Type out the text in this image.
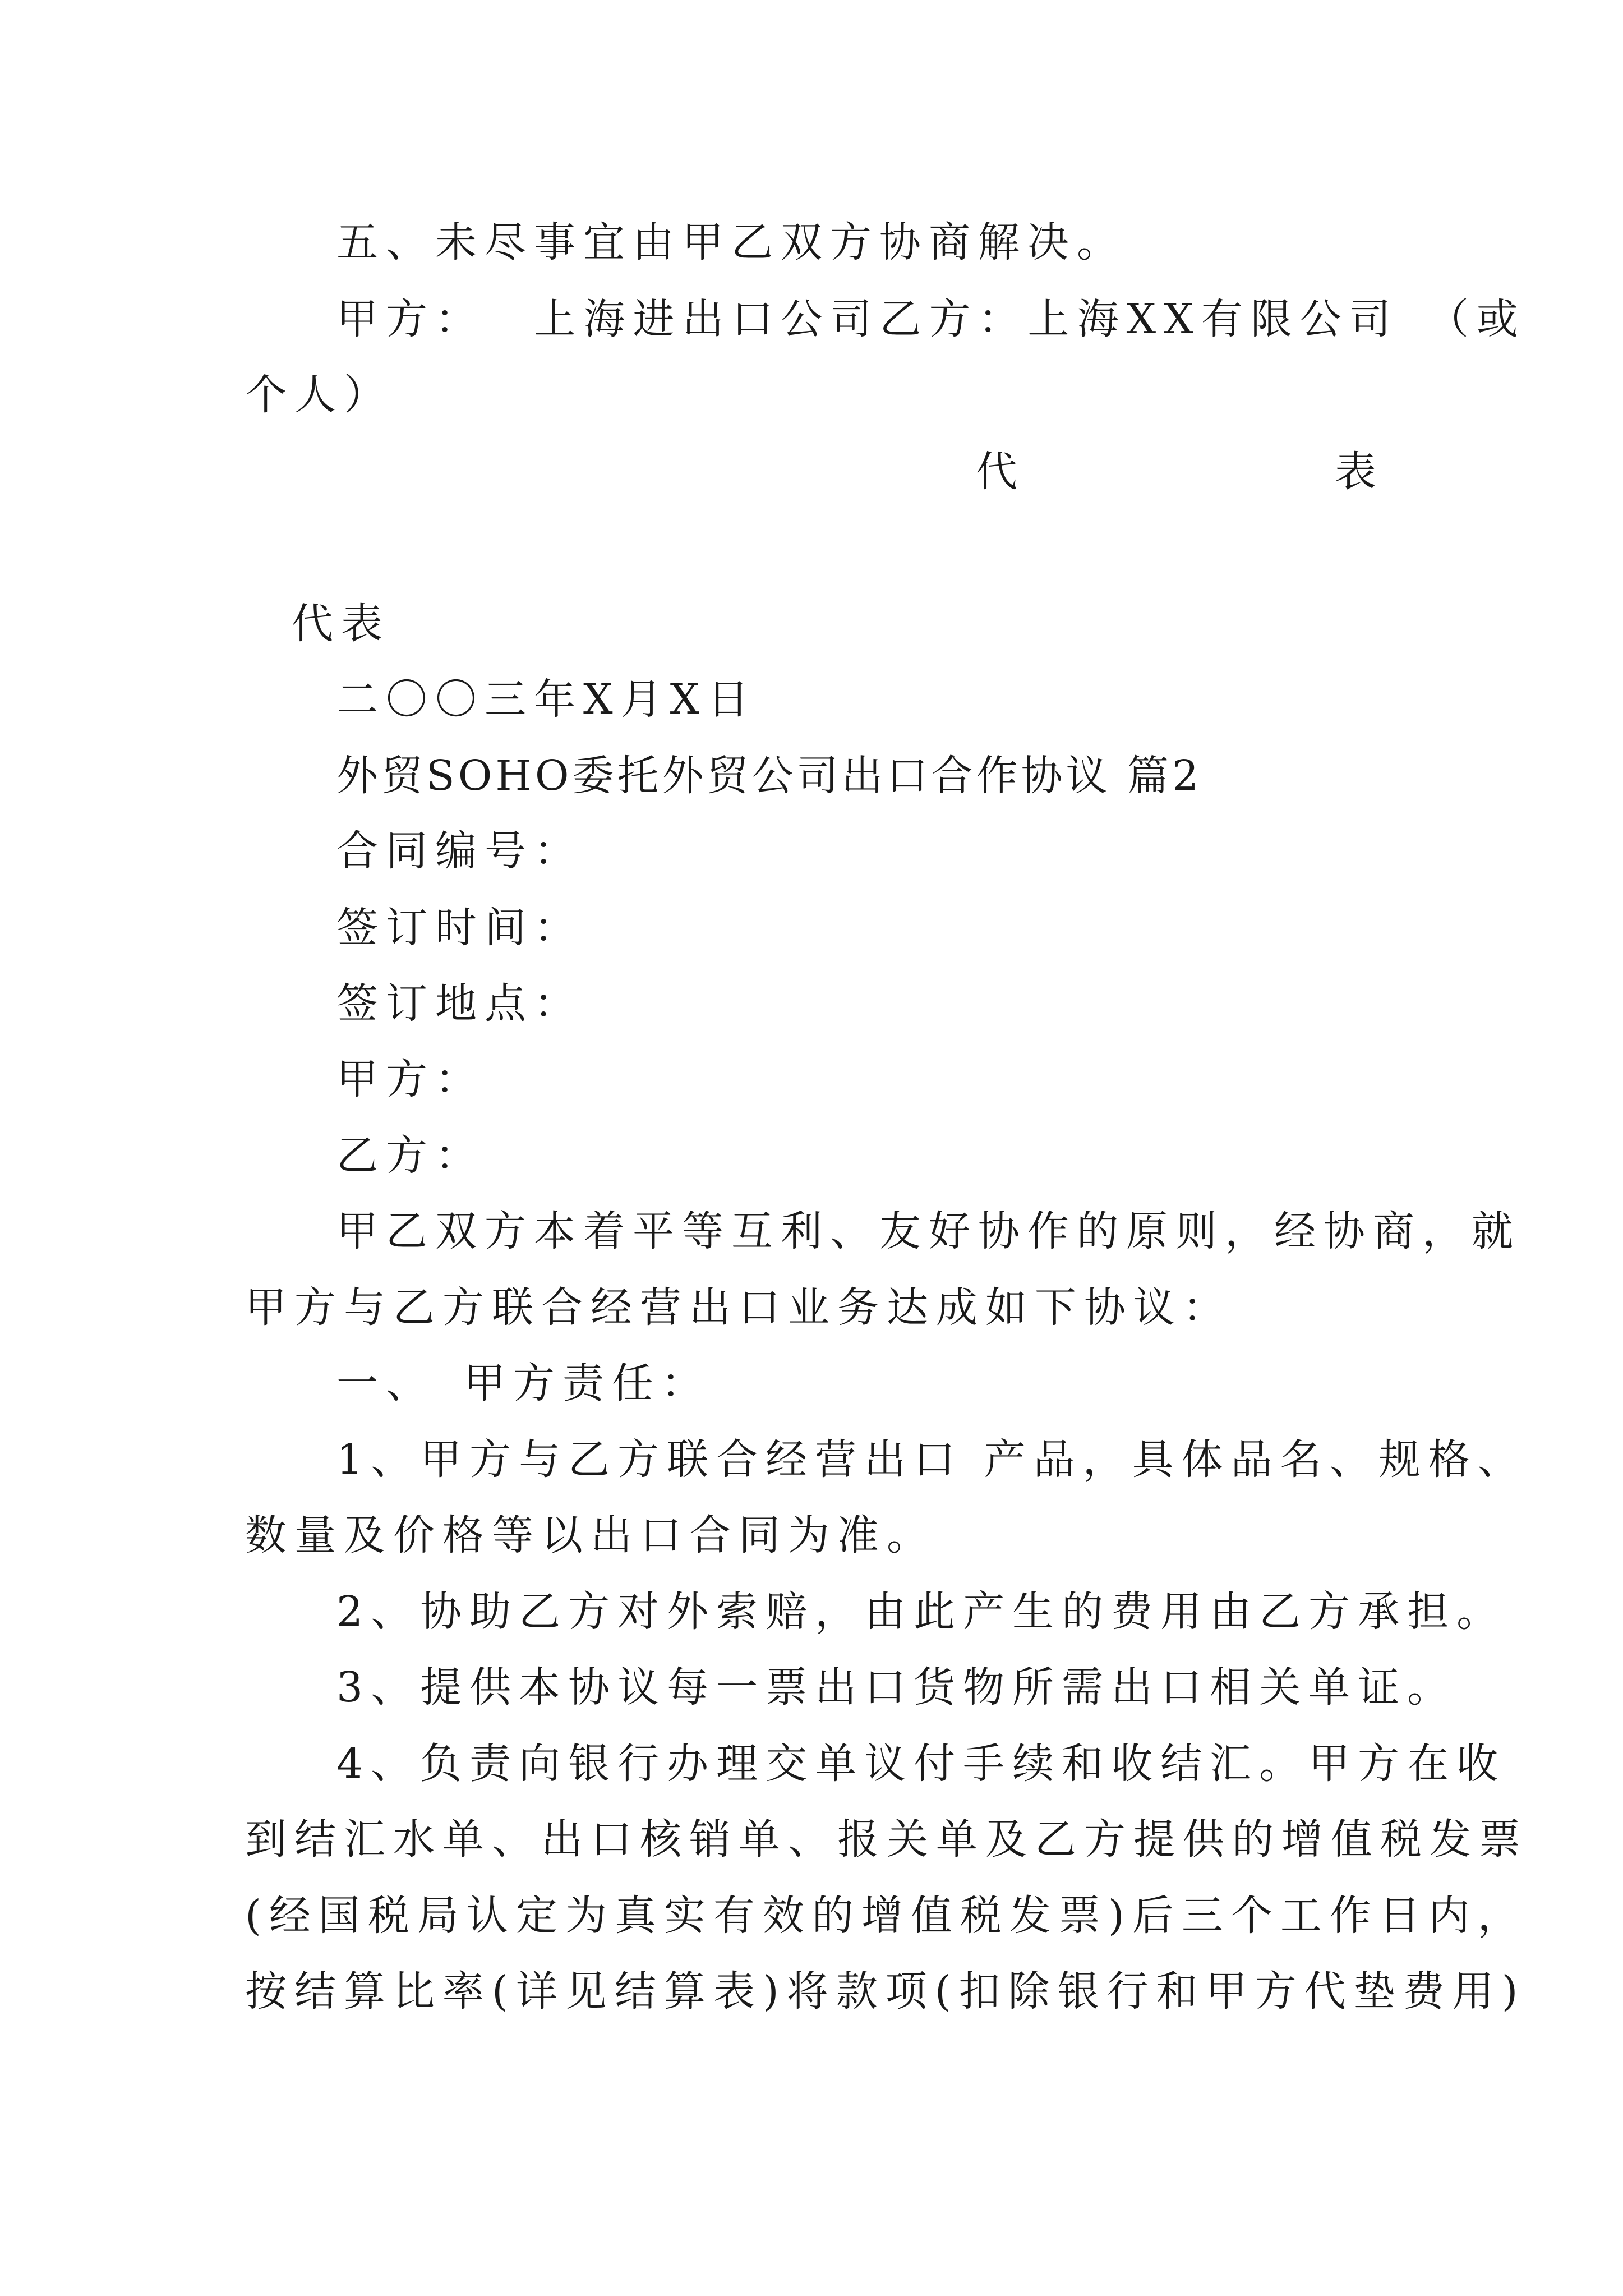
五、未尽事宜由甲乙双方协商解决。
甲方：　 上海进出口公司乙方：上海XX有限公司　（或
个人）
代	表
代表
二〇〇三年X月X日
外贸SOHO委托外贸公司出口合作协议 篇2
合同编号：
签订时间：
签订地点：
甲方：
乙方：
甲乙双方本着平等互利、友好协作的原则，经协商，就
甲方与乙方联合经营出口业务达成如下协议：
一、　甲方责任：
1、甲方与乙方联合经营出口 产品，具体品名、规格、
数量及价格等以出口合同为准。
2、协助乙方对外索赔，由此产生的费用由乙方承担。
3、提供本协议每一票出口货物所需出口相关单证。
4、负责向银行办理交单议付手续和收结汇。甲方在收
到结汇水单、出口核销单、报关单及乙方提供的增值税发票
(经国税局认定为真实有效的增值税发票)后三个工作日内，
按结算比率(详见结算表)将款项(扣除银行和甲方代垫费用)
